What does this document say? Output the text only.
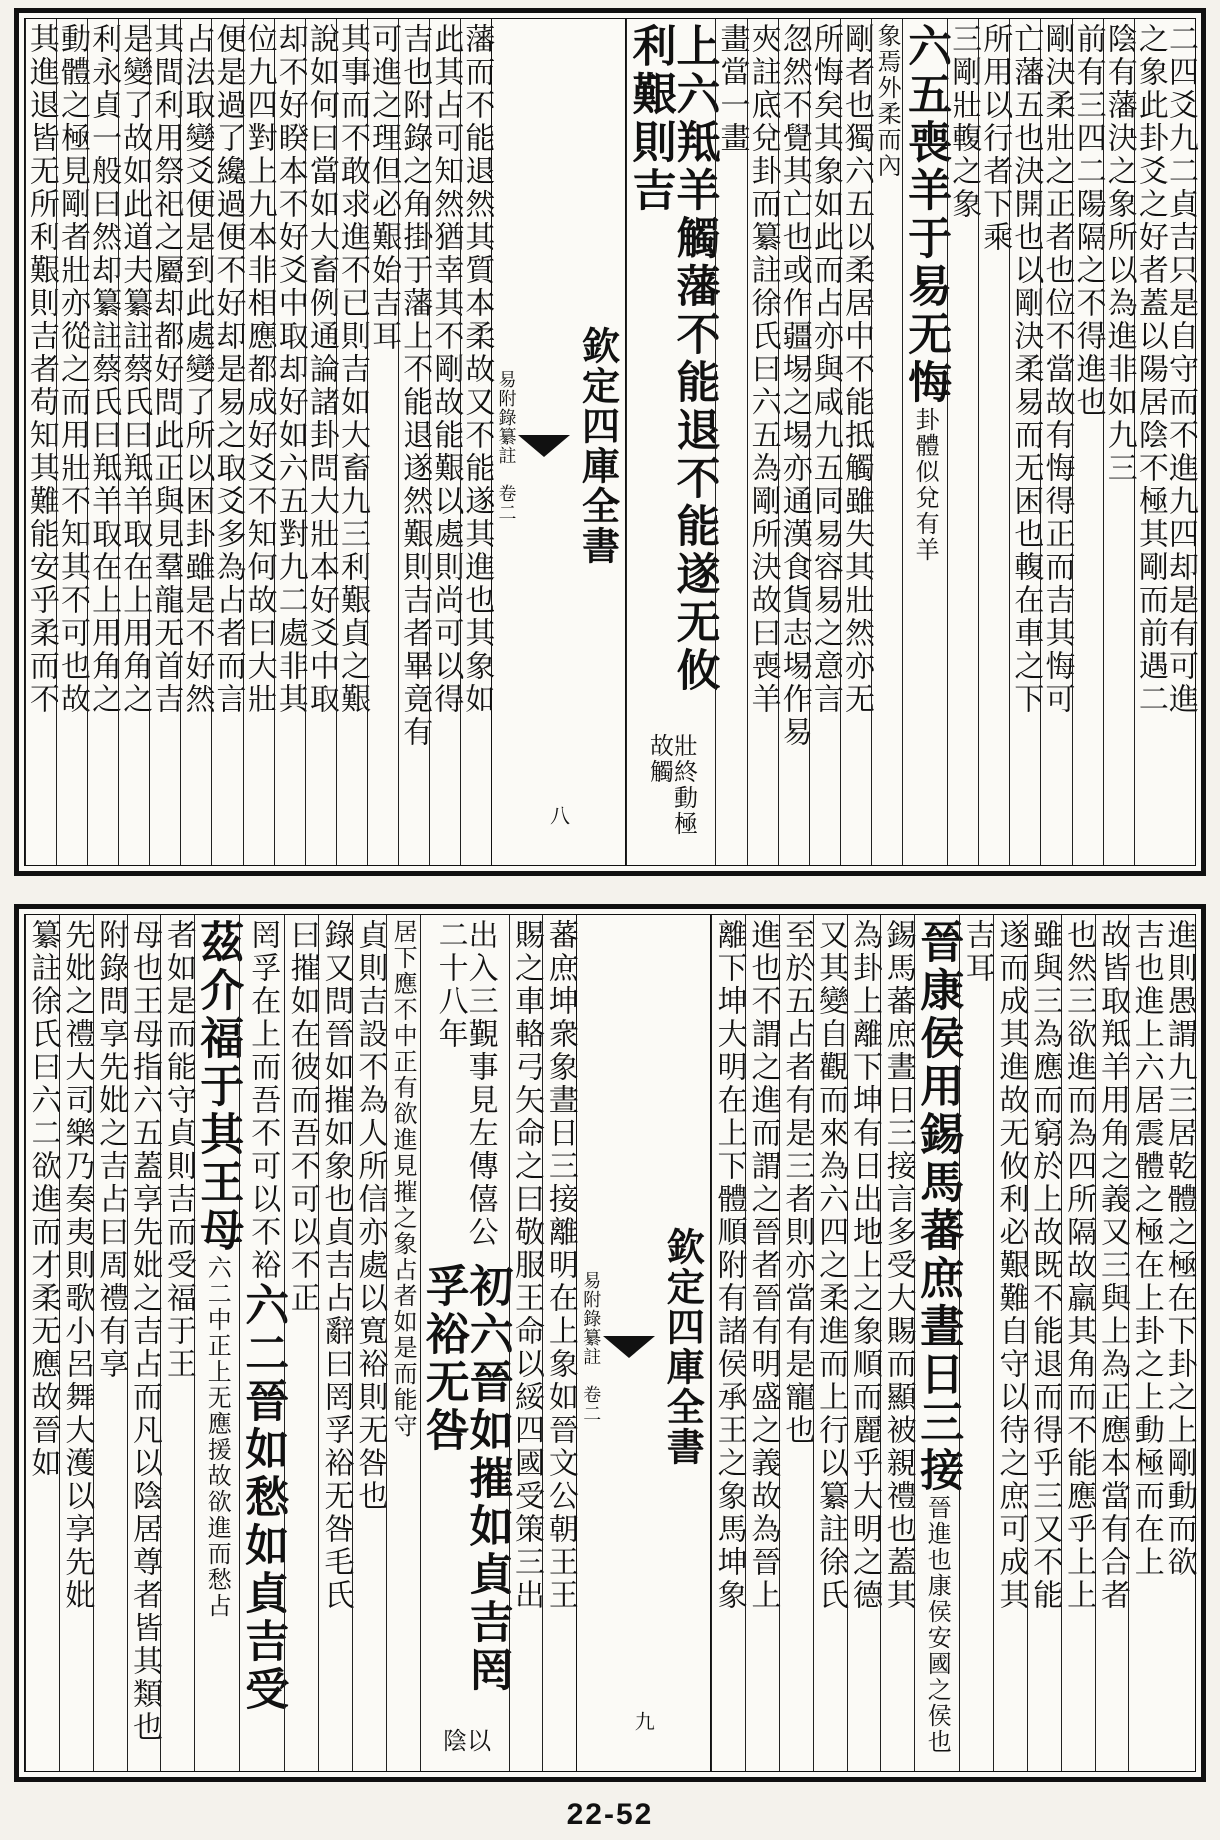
二四爻九二貞吉只是自守而不進九四却是有可進
之象此卦爻之好者蓋以陽居陰不極其剛而前遇二
陰有藩決之象所以為進非如九三
前有三四二陽隔之不得進也
剛決柔壯之正者也位不當故有悔得正而吉其悔可
亡藩五也決開也以剛決柔易而无困也輹在車之下
所用以行者下乘
三剛壯輹之象
六五喪羊于易无悔
卦體似兌有羊
象焉外柔而內
剛者也獨六五以柔居中不能抵觸雖失其壯然亦无
所悔矣其象如此而占亦與咸九五同易容易之意言
忽然不覺其亡也或作疆埸之埸亦通漢食貨志埸作易
夾註底兌卦而纂註徐氏曰六五為剛所決故曰喪羊
畫當一畫
上六羝羊觸藩不能退不能遂无攸利艱則吉
壯終動極故觸
欽定四庫全書
易附錄纂註　卷二
八
藩而不能退然其質本柔故又不能遂其進也其象如
此其占可知然猶幸其不剛故能艱以處則尚可以得
吉也附錄之角掛于藩上不能退遂然艱則吉者畢竟有
可進之理但必艱始吉耳
其事而不敢求進不已則吉如大畜九三利艱貞之艱
說如何曰當如大畜例通論諸卦問大壯本好爻中取
却不好睽本不好爻中取却好如六五對九二處非其
位九四對上九本非相應都成好爻不知何故曰大壯
便是過了纔過便不好却是易之取爻多為占者而言
占法取變爻便是到此處變了所以困卦雖是不好然
其間利用祭祀之屬却都好問此正與見羣龍无首吉
是變了故如此道夫纂註蔡氏曰羝羊取在上用角之
利永貞一般曰然却纂註蔡氏曰羝羊取在上用角之
動體之極見剛者壯亦從之而用壯不知其不可也故
其進退皆无所利艱則吉者苟知其難能安乎柔而不
進則愚謂九三居乾體之極在下卦之上剛動而欲
吉也進上六居震體之極在上卦之上動極而在上
故皆取羝羊用角之義又三與上為正應本當有合者
也然三欲進而為四所隔故羸其角而不能應乎上上
雖與三為應而窮於上故既不能退而得乎三又不能
遂而成其進故无攸利必艱難自守以待之庶可成其
吉耳
晉康侯用錫馬蕃庶晝日三接
晉進也康侯安國之侯也
錫馬蕃庶晝日三接言多受大賜而顯被親禮也蓋其
為卦上離下坤有日出地上之象順而麗乎大明之德
又其變自觀而來為六四之柔進而上行以纂註徐氏
至於五占者有是三者則亦當有是寵也
進也不謂之進而謂之晉者晉有明盛之義故為晉上
離下坤大明在上下體順附有諸侯承王之象馬坤象
欽定四庫全書
易附錄纂註　卷二
九
蕃庶坤衆象晝日三接離明在上象如晉文公朝王王
賜之車輅弓矢命之曰敬服王命以綏四國受策三出
出入三覲事見左傳僖公二十八年
初六晉如摧如貞吉罔孚裕无咎
以陰
居下應不中正有欲進見摧之象占者如是而能守
貞則吉設不為人所信亦處以寬裕則无咎也
錄又問晉如摧如象也貞吉占辭曰罔孚裕无咎毛氏
曰摧如在彼而吾不可以不正
罔孚在上而吾不可以不裕
六二晉如愁如貞吉受
茲介福于其王母
六二中正上无應援故欲進而愁占
者如是而能守貞則吉而受福于王
母也王母指六五蓋享先妣之吉占而凡以陰居尊者皆其類也
附錄問享先妣之吉占曰周禮有享
先妣之禮大司樂乃奏夷則歌小呂舞大濩以享先妣
纂註徐氏曰六二欲進而才柔无應故晉如
22-52
